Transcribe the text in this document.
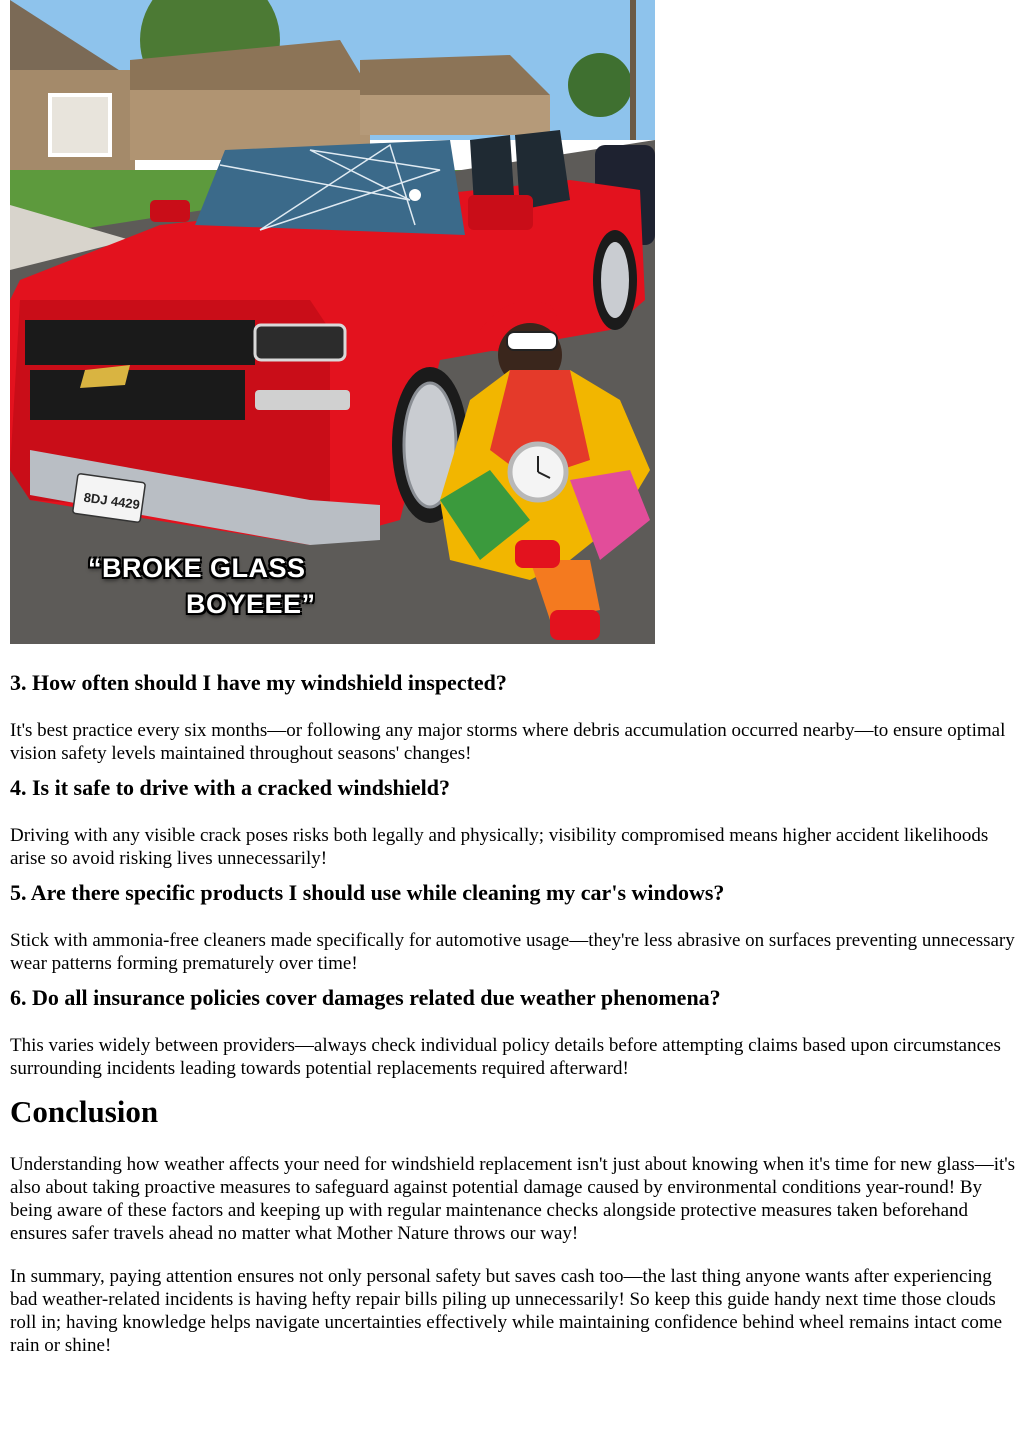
8DJ 4429
“BROKE GLASS
BOYEEE”
3. How often should I have my windshield inspected?

It's best practice every six months—or following any major storms where debris accumulation occurred nearby—to ensure optimal vision safety levels maintained throughout seasons' changes!

4. Is it safe to drive with a cracked windshield?

Driving with any visible crack poses risks both legally and physically; visibility compromised means higher accident likelihoods arise so avoid risking lives unnecessarily!

5. Are there specific products I should use while cleaning my car's windows?

Stick with ammonia-free cleaners made specifically for automotive usage—they're less abrasive on surfaces preventing unnecessary wear patterns forming prematurely over time!

6. Do all insurance policies cover damages related due weather phenomena?

This varies widely between providers—always check individual policy details before attempting claims based upon circumstances surrounding incidents leading towards potential replacements required afterward!

Conclusion

Understanding how weather affects your need for windshield replacement isn't just about knowing when it's time for new glass—it's also about taking proactive measures to safeguard against potential damage caused by environmental conditions year-round! By being aware of these factors and keeping up with regular maintenance checks alongside protective measures taken beforehand ensures safer travels ahead no matter what Mother Nature throws our way!

In summary, paying attention ensures not only personal safety but saves cash too—the last thing anyone wants after experiencing bad weather-related incidents is having hefty repair bills piling up unnecessarily! So keep this guide handy next time those clouds roll in; having knowledge helps navigate uncertainties effectively while maintaining confidence behind wheel remains intact come rain or shine!
